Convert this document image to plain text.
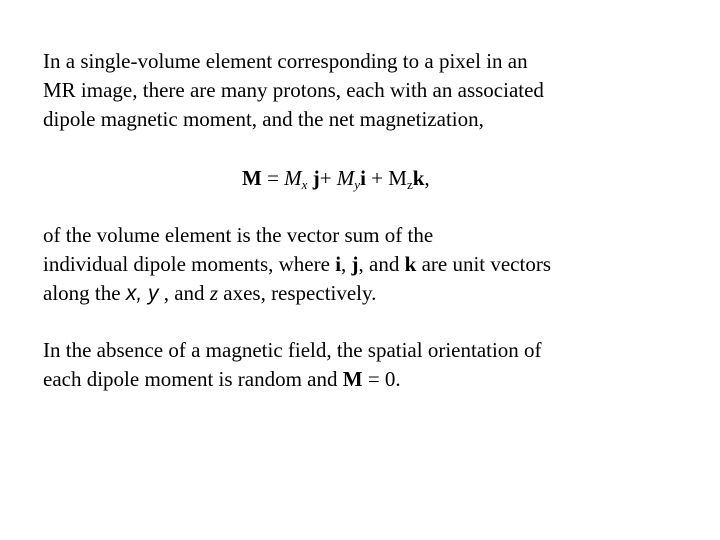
In a single-volume element corresponding to a pixel in an
MR image, there are many protons, each with an associated
dipole magnetic moment, and the net magnetization,

$M = M_x$ $j+ M_yi + M_zk$,

of the volume element is the vector sum of the
individual dipole moments, where i, j, and k are unit vectors
along the x, y , and z axes, respectively.

In the absence of a magnetic field, the spatial orientation of
each dipole moment is random and M = 0.
